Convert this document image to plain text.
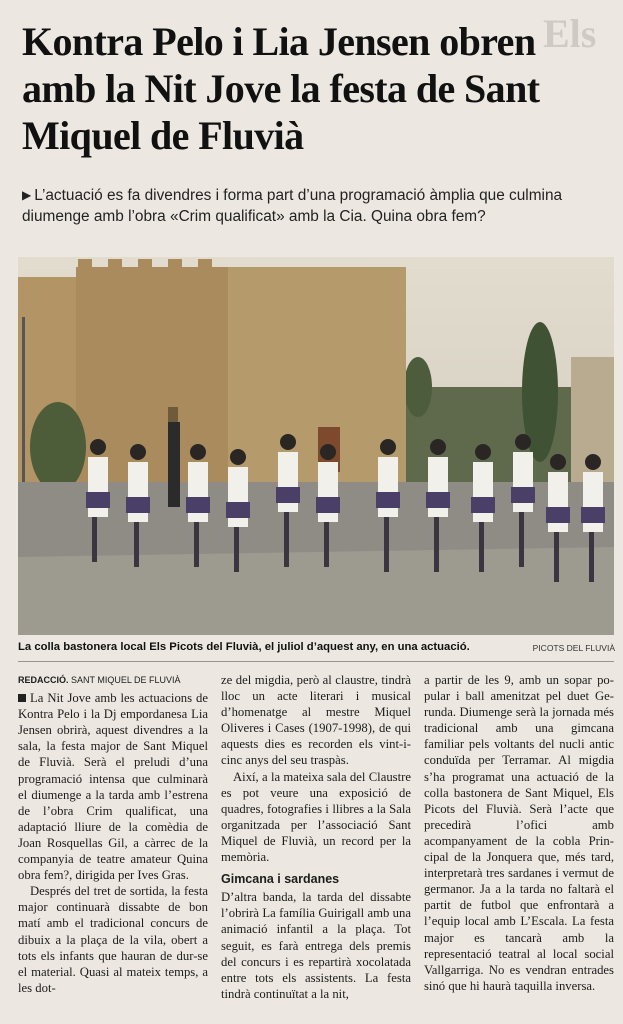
Els
Kontra Pelo i Lia Jensen obren amb la Nit Jove la festa de Sant Miquel de Fluvià

▶ L’actuació es fa divendres i forma part d’una programació àmplia que culmina diumenge amb l’obra «Crim qualificat» amb la Cia. Quina obra fem?

La colla bastonera local Els Picots del Fluvià, el juliol d’aquest any, en una actuació.	PICOTS DEL FLUVIÀ
REDACCIÓ. SANT MIQUEL DE FLUVIÀ

La Nit Jove amb les actuacions de Kontra Pelo i la Dj empordanesa Lia Jensen obrirà, aquest divendres a la sala, la festa major de Sant Miquel de Fluvià. Serà el preludi d’una programació intensa que culminarà el diumenge a la tarda amb l’estrena de l’obra Crim qualificat, una adaptació lliure de la comèdia de Joan Rosquellas Gil, a càrrec de la companyia de teatre amateur Quina obra fem?, dirigida per Ives Gras.

Després del tret de sortida, la festa major continuarà dissabte de bon matí amb el tradicional concurs de dibuix a la plaça de la vila, obert a tots els infants que hauran de dur-se el material. Quasi al mateix temps, a les dot-

ze del migdia, però al claustre, tindrà lloc un acte literari i musical d’homenatge al mestre Miquel Oliveres i Cases (1907-1998), de qui aquests dies es recorden els vint-i-cinc anys del seu traspàs.

Així, a la mateixa sala del Claustre es pot veure una exposició de quadres, fotografies i llibres a la Sala organitzada per l’associació Sant Miquel de Fluvià, un record per la memòria.

Gimcana i sardanes

D’altra banda, la tarda del dissabte l’obrirà La família Guirigall amb una animació infantil a la plaça. Tot seguit, es farà entrega dels premis del concurs i es repartirà xocolatada entre tots els assistents. La festa tindrà continuïtat a la nit,

a partir de les 9, amb un sopar popular i ball amenitzat pel duet Gerunda. Diumenge serà la jornada més tradicional amb una gimcana familiar pels voltants del nucli antic conduïda per Terramar. Al migdia s’ha programat una actuació de la colla bastonera de Sant Miquel, Els Picots del Fluvià. Serà l’acte que precedirà l’ofici amb acompanyament de la cobla Principal de la Jonquera que, més tard, interpretarà tres sardanes i vermut de germanor. Ja a la tarda no faltarà el partit de futbol que enfrontarà a l’equip local amb L’Escala. La festa major es tancarà amb la representació teatral al local social Vallgarriga. No es vendran entrades sinó que hi haurà taquilla inversa.
